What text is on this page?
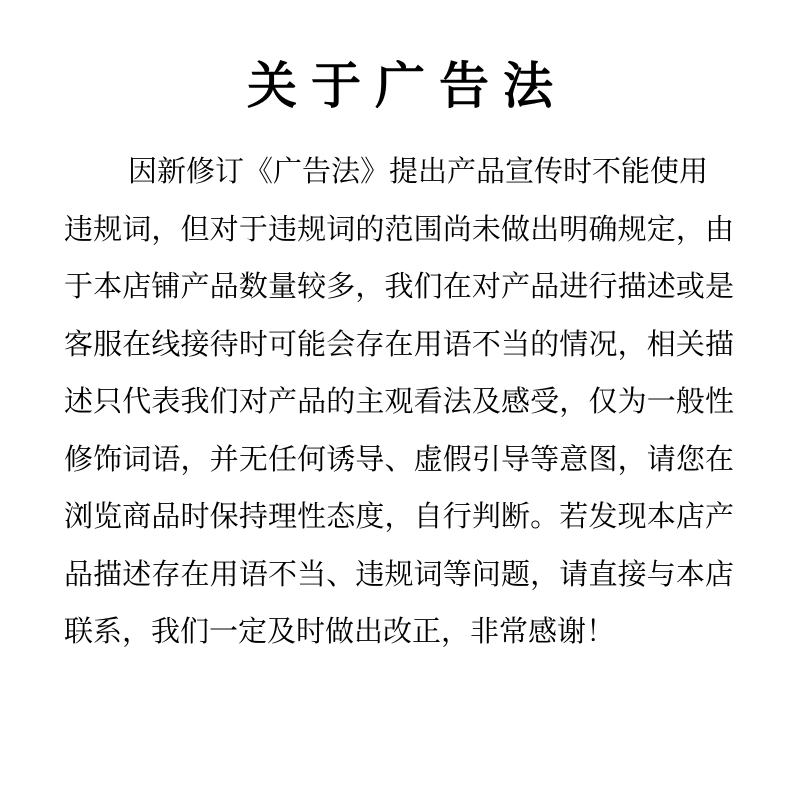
关于广告法
因新修订《广告法》提出产品宣传时不能使用
违规词，但对于违规词的范围尚未做出明确规定，由
于本店铺产品数量较多，我们在对产品进行描述或是
客服在线接待时可能会存在用语不当的情况，相关描
述只代表我们对产品的主观看法及感受，仅为一般性
修饰词语，并无任何诱导、虚假引导等意图，请您在
浏览商品时保持理性态度，自行判断。若发现本店产
品描述存在用语不当、违规词等问题，请直接与本店
联系，我们一定及时做出改正，非常感谢！
